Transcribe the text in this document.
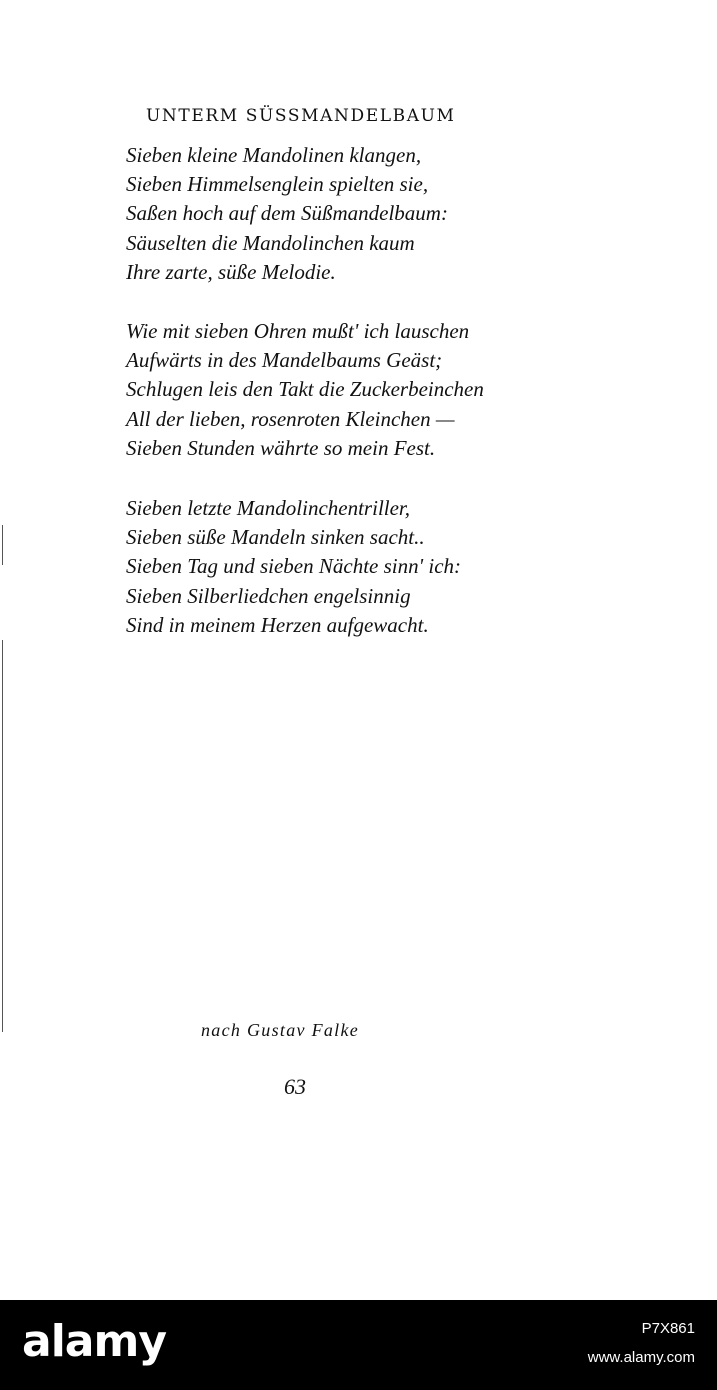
UNTERM SÜSSMANDELBAUM
Sieben kleine Mandolinen klangen,
Sieben Himmelsenglein spielten sie,
Saßen hoch auf dem Süßmandelbaum:
Säuselten die Mandolinchen kaum
Ihre zarte, süße Melodie.
Wie mit sieben Ohren mußt' ich lauschen
Aufwärts in des Mandelbaums Geäst;
Schlugen leis den Takt die Zuckerbeinchen
All der lieben, rosenroten Kleinchen —
Sieben Stunden währte so mein Fest.
Sieben letzte Mandolinchentriller,
Sieben süße Mandeln sinken sacht..
Sieben Tag und sieben Nächte sinn' ich:
Sieben Silberliedchen engelsinnig
Sind in meinem Herzen aufgewacht.
nach Gustav Falke
63
alamy	P7X861
www.alamy.com
